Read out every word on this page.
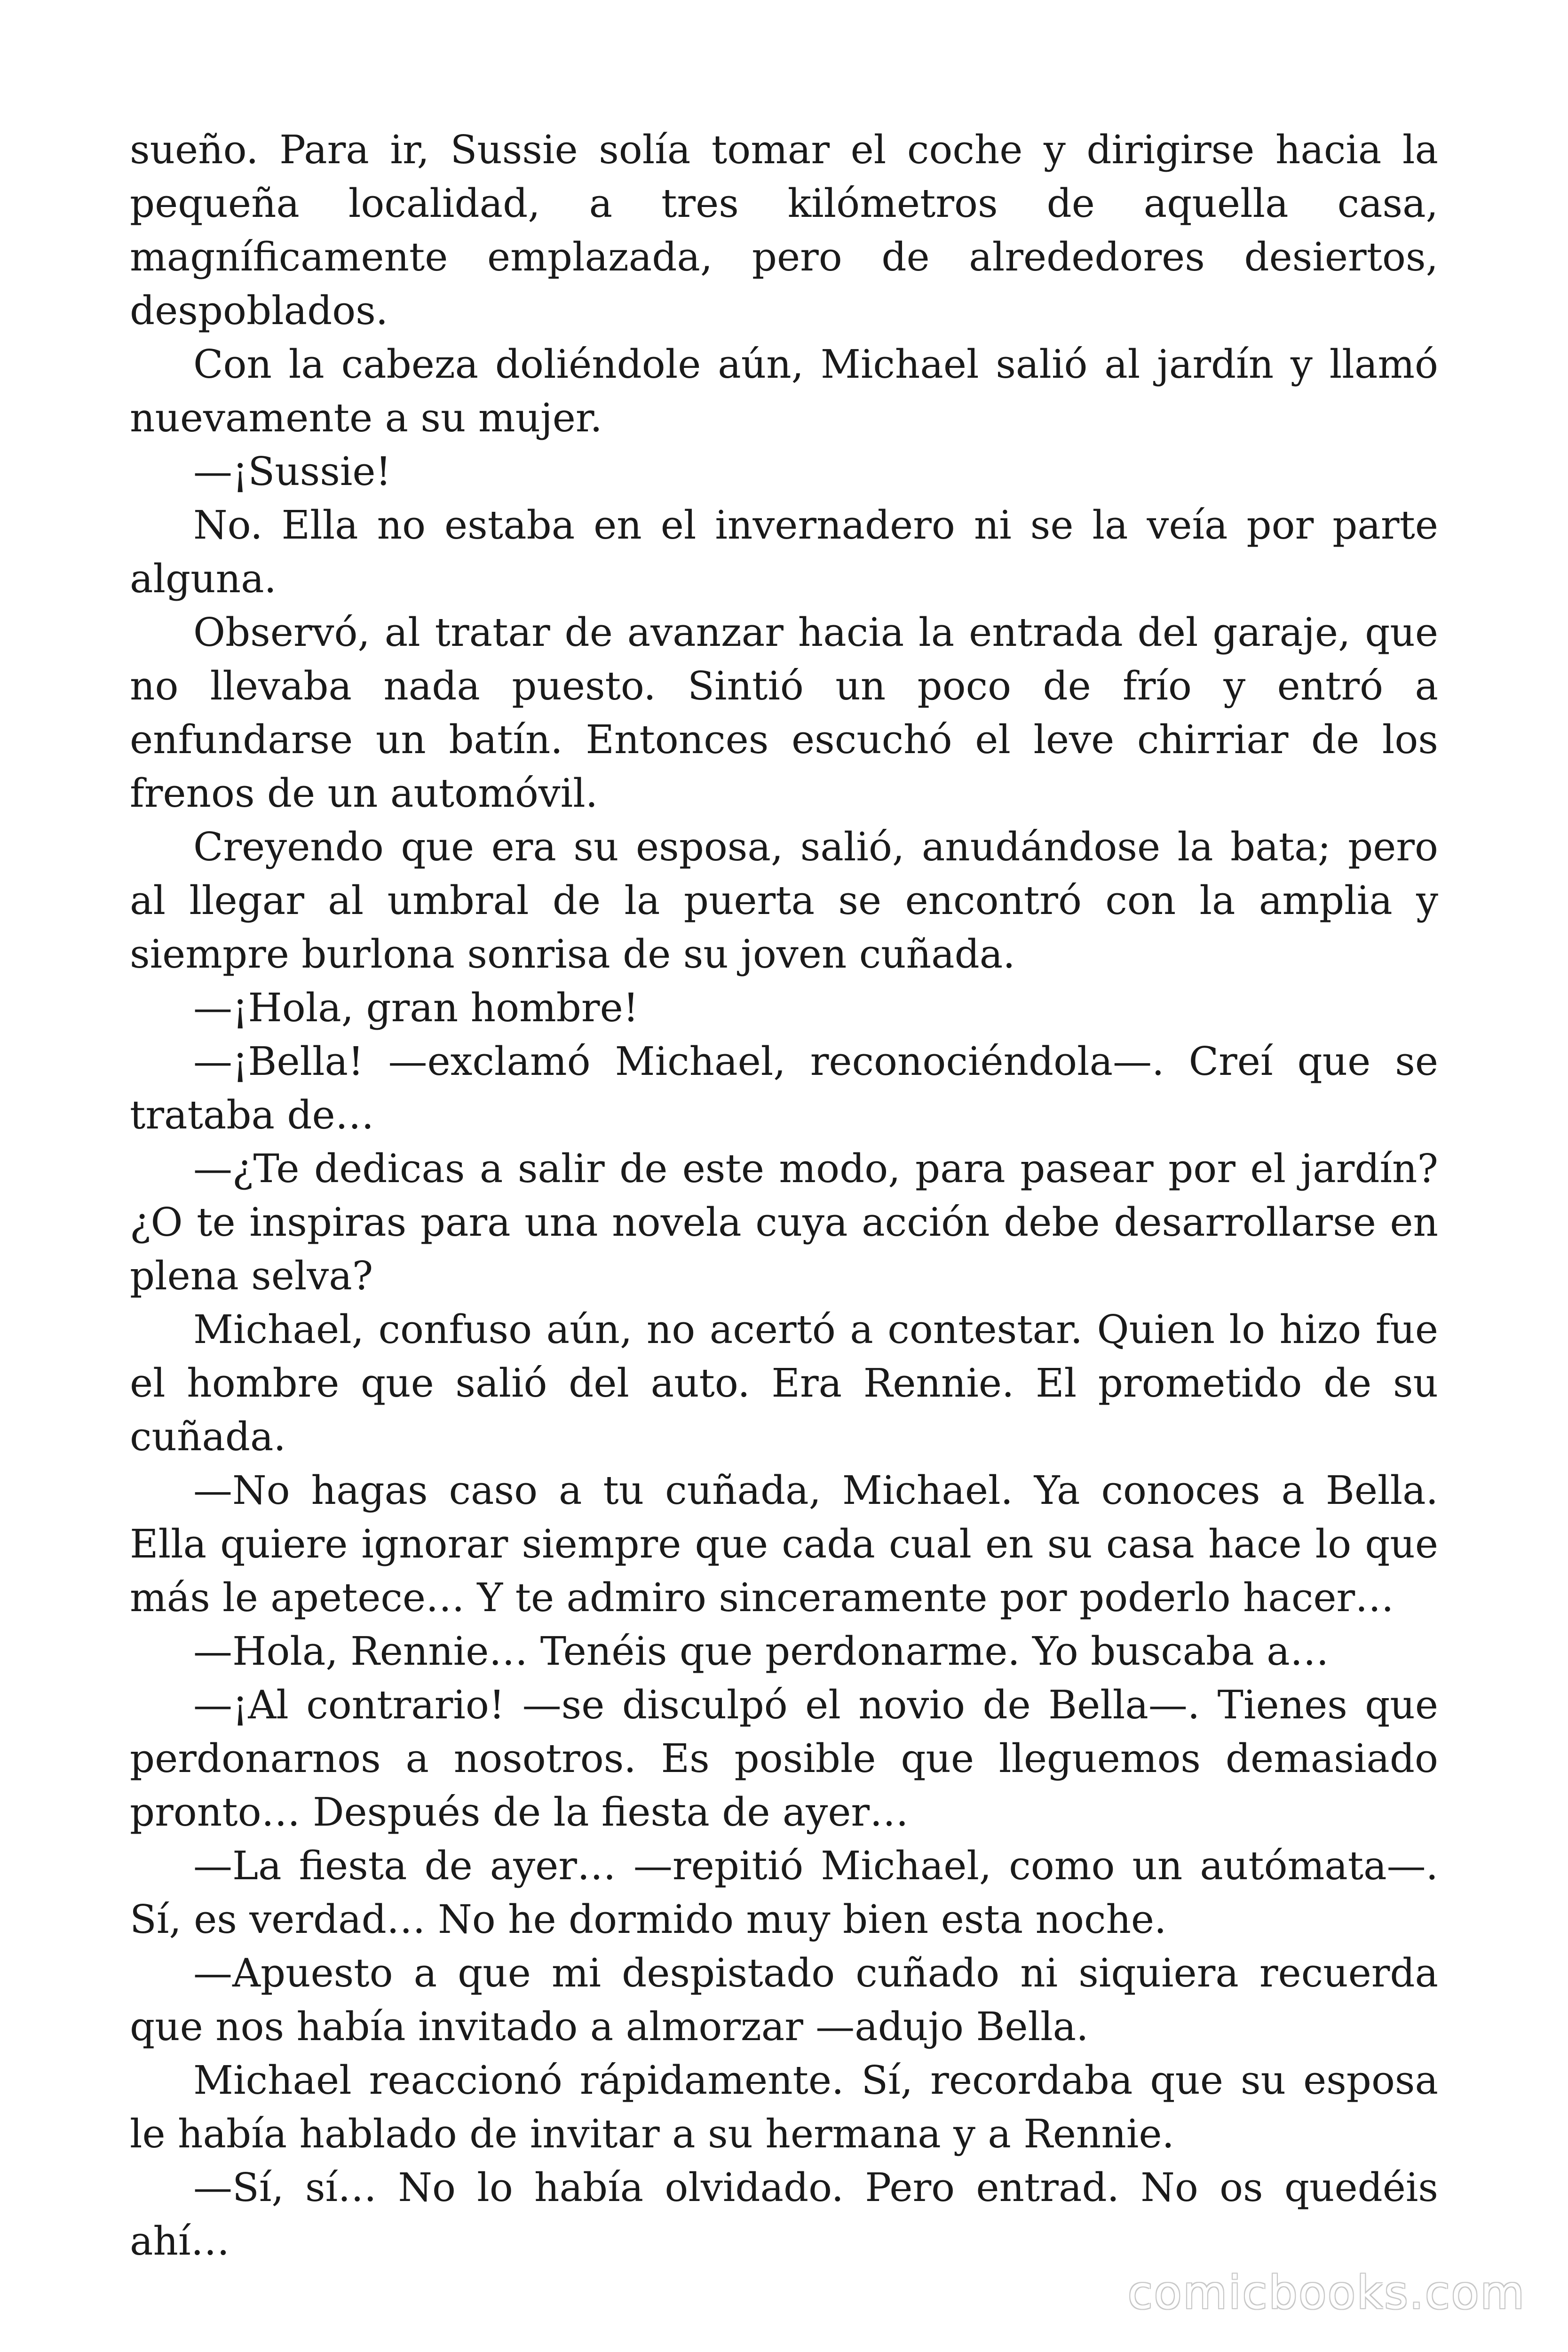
sueño. Para ir, Sussie solía tomar el coche y dirigirse hacia la pequeña localidad, a tres kilómetros de aquella casa, magníficamente emplazada, pero de alrededores desiertos, despoblados.

Con la cabeza doliéndole aún, Michael salió al jardín y llamó nuevamente a su mujer.

—¡Sussie!

No. Ella no estaba en el invernadero ni se la veía por parte alguna.

Observó, al tratar de avanzar hacia la entrada del garaje, que no llevaba nada puesto. Sintió un poco de frío y entró a enfundarse un batín. Entonces escuchó el leve chirriar de los frenos de un automóvil.

Creyendo que era su esposa, salió, anudándose la bata; pero al llegar al umbral de la puerta se encontró con la amplia y siempre burlona sonrisa de su joven cuñada.

—¡Hola, gran hombre!

—¡Bella! —exclamó Michael, reconociéndola—. Creí que se trataba de…

—¿Te dedicas a salir de este modo, para pasear por el jardín? ¿O te inspiras para una novela cuya acción debe desarrollarse en plena selva?

Michael, confuso aún, no acertó a contestar. Quien lo hizo fue el hombre que salió del auto. Era Rennie. El prometido de su cuñada.

—No hagas caso a tu cuñada, Michael. Ya conoces a Bella. Ella quiere ignorar siempre que cada cual en su casa hace lo que más le apetece… Y te admiro sinceramente por poderlo hacer…

—Hola, Rennie… Tenéis que perdonarme. Yo buscaba a…

—¡Al contrario! —se disculpó el novio de Bella—. Tienes que perdonarnos a nosotros. Es posible que lleguemos demasiado pronto… Después de la fiesta de ayer…

—La fiesta de ayer… —repitió Michael, como un autómata—. Sí, es verdad… No he dormido muy bien esta noche.

—Apuesto a que mi despistado cuñado ni siquiera recuerda que nos había invitado a almorzar —adujo Bella.

Michael reaccionó rápidamente. Sí, recordaba que su esposa le había hablado de invitar a su hermana y a Rennie.

—Sí, sí… No lo había olvidado. Pero entrad. No os quedéis ahí…

comicbooks.com
